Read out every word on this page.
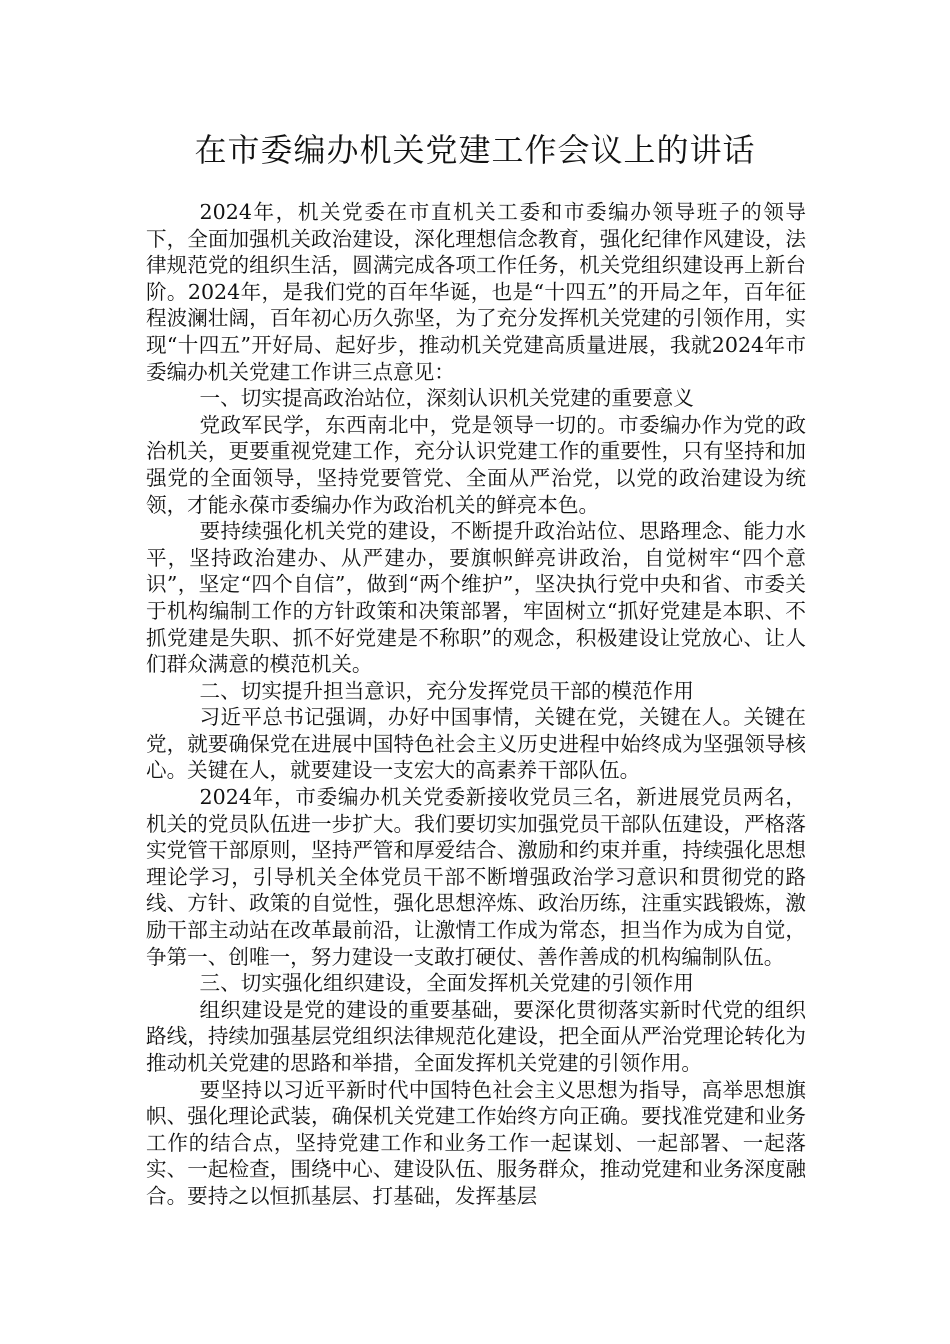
在市委编办机关党建工作会议上的讲话

2024年，机关党委在市直机关工委和市委编办领导班子的领导下，全面加强机关政治建设，深化理想信念教育，强化纪律作风建设，法律规范党的组织生活，圆满完成各项工作任务，机关党组织建设再上新台阶。2024年，是我们党的百年华诞，也是“十四五”的开局之年，百年征程波澜壮阔，百年初心历久弥坚，为了充分发挥机关党建的引领作用，实现“十四五”开好局、起好步，推动机关党建高质量进展，我就2024年市委编办机关党建工作讲三点意见：

一、切实提高政治站位，深刻认识机关党建的重要意义

党政军民学，东西南北中，党是领导一切的。市委编办作为党的政治机关，更要重视党建工作，充分认识党建工作的重要性，只有坚持和加强党的全面领导，坚持党要管党、全面从严治党，以党的政治建设为统领，才能永葆市委编办作为政治机关的鲜亮本色。

要持续强化机关党的建设，不断提升政治站位、思路理念、能力水平，坚持政治建办、从严建办，要旗帜鲜亮讲政治，自觉树牢“四个意识”，坚定“四个自信”，做到“两个维护”，坚决执行党中央和省、市委关于机构编制工作的方针政策和决策部署，牢固树立“抓好党建是本职、不抓党建是失职、抓不好党建是不称职”的观念，积极建设让党放心、让人们群众满意的模范机关。

二、切实提升担当意识，充分发挥党员干部的模范作用

习近平总书记强调，办好中国事情，关键在党，关键在人。关键在党，就要确保党在进展中国特色社会主义历史进程中始终成为坚强领导核心。关键在人，就要建设一支宏大的高素养干部队伍。

2024年，市委编办机关党委新接收党员三名，新进展党员两名，机关的党员队伍进一步扩大。我们要切实加强党员干部队伍建设，严格落实党管干部原则，坚持严管和厚爱结合、激励和约束并重，持续强化思想理论学习，引导机关全体党员干部不断增强政治学习意识和贯彻党的路线、方针、政策的自觉性，强化思想淬炼、政治历练，注重实践锻炼，激励干部主动站在改革最前沿，让激情工作成为常态，担当作为成为自觉，争第一、创唯一，努力建设一支敢打硬仗、善作善成的机构编制队伍。

三、切实强化组织建设，全面发挥机关党建的引领作用

组织建设是党的建设的重要基础，要深化贯彻落实新时代党的组织路线，持续加强基层党组织法律规范化建设，把全面从严治党理论转化为推动机关党建的思路和举措，全面发挥机关党建的引领作用。

要坚持以习近平新时代中国特色社会主义思想为指导，高举思想旗帜、强化理论武装，确保机关党建工作始终方向正确。要找准党建和业务工作的结合点，坚持党建工作和业务工作一起谋划、一起部署、一起落实、一起检查，围绕中心、建设队伍、服务群众，推动党建和业务深度融合。要持之以恒抓基层、打基础，发挥基层
